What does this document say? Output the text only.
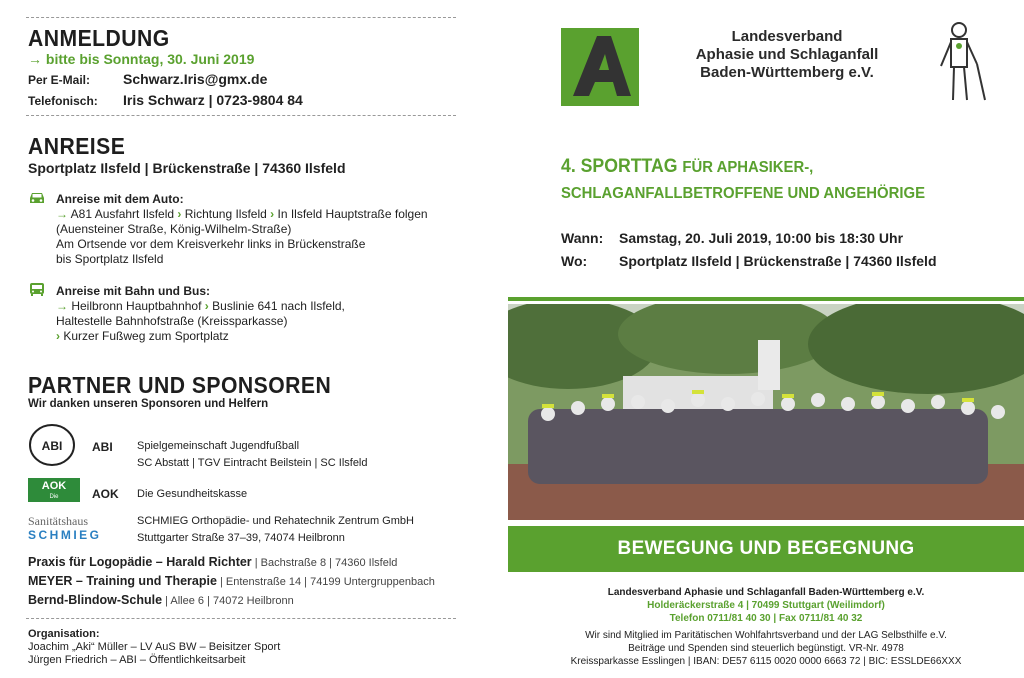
ANMELDUNG
→ bitte bis Sonntag, 30. Juni 2019
Per E-Mail: Schwarz.Iris@gmx.de
Telefonisch: Iris Schwarz | 0723-9804 84
ANREISE
Sportplatz Ilsfeld | Brückenstraße | 74360 Ilsfeld
Anreise mit dem Auto:
→ A81 Ausfahrt Ilsfeld › Richtung Ilsfeld › In Ilsfeld Hauptstraße folgen
(Auensteiner Straße, König-Wilhelm-Straße)
Am Ortsende vor dem Kreisverkehr links in Brückenstraße
bis Sportplatz Ilsfeld
Anreise mit Bahn und Bus:
→ Heilbronn Hauptbahnhof › Buslinie 641 nach Ilsfeld,
Haltestelle Bahnhofstraße (Kreissparkasse)
› Kurzer Fußweg zum Sportplatz
PARTNER UND SPONSOREN
Wir danken unseren Sponsoren und Helfern
ABI ABI Spielgemeinschaft Jugendfußball
SC Abstatt | TGV Eintracht Beilstein | SC Ilsfeld
AOK
Die Gesundheitskasse
AOK Die Gesundheitskasse
Sanitätshaus
SCHMIEG
SCHMIEG Orthopädie- und Rehatechnik Zentrum GmbH
Stuttgarter Straße 37–39, 74074 Heilbronn
Praxis für Logopädie – Harald Richter | Bachstraße 8 | 74360 Ilsfeld
MEYER – Training und Therapie | Entenstraße 14 | 74199 Untergruppenbach
Bernd-Blindow-Schule | Allee 6 | 74072 Heilbronn
Organisation:
Joachim „Aki“ Müller – LV AuS BW – Beisitzer Sport
Jürgen Friedrich – ABI – Öffentlichkeitsarbeit
Landesverband
Aphasie und Schlaganfall
Baden-Württemberg e.V.
4. SPORTTAG FÜR APHASIKER-,
SCHLAGANFALLBETROFFENE UND ANGEHÖRIGE
Wann: Samstag, 20. Juli 2019, 10:00 bis 18:30 Uhr
Wo: Sportplatz Ilsfeld | Brückenstraße | 74360 Ilsfeld
BEWEGUNG UND BEGEGNUNG
Landesverband Aphasie und Schlaganfall Baden-Württemberg e.V.
Holderäckerstraße 4 | 70499 Stuttgart (Weilimdorf)
Telefon 0711/81 40 30 | Fax 0711/81 40 32
Wir sind Mitglied im Paritätischen Wohlfahrtsverband und der LAG Selbsthilfe e.V.
Beiträge und Spenden sind steuerlich begünstigt. VR-Nr. 4978
Kreissparkasse Esslingen | IBAN: DE57 6115 0020 0000 6663 72 | BIC: ESSLDE66XXX
